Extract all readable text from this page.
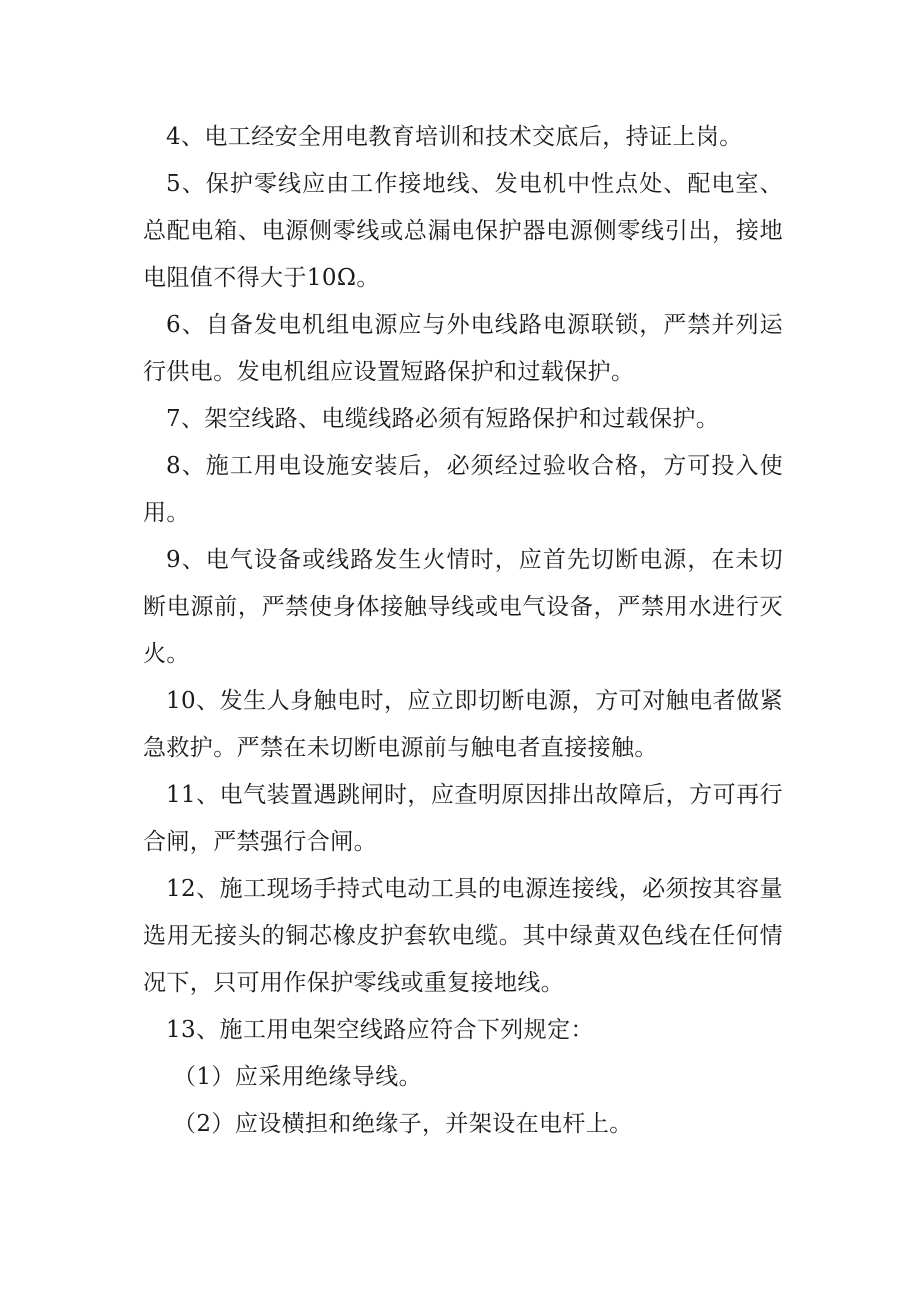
4、电工经安全用电教育培训和技术交底后，持证上岗。

5、保护零线应由工作接地线、发电机中性点处、配电室、总配电箱、电源侧零线或总漏电保护器电源侧零线引出，接地电阻值不得大于10Ω。

6、自备发电机组电源应与外电线路电源联锁，严禁并列运行供电。发电机组应设置短路保护和过载保护。

7、架空线路、电缆线路必须有短路保护和过载保护。

8、施工用电设施安装后，必须经过验收合格，方可投入使用。

9、电气设备或线路发生火情时，应首先切断电源，在未切断电源前，严禁使身体接触导线或电气设备，严禁用水进行灭火。

10、发生人身触电时，应立即切断电源，方可对触电者做紧急救护。严禁在未切断电源前与触电者直接接触。

11、电气装置遇跳闸时，应查明原因排出故障后，方可再行合闸，严禁强行合闸。

12、施工现场手持式电动工具的电源连接线，必须按其容量选用无接头的铜芯橡皮护套软电缆。其中绿黄双色线在任何情况下，只可用作保护零线或重复接地线。

13、施工用电架空线路应符合下列规定：

（1）应采用绝缘导线。

（2）应设横担和绝缘子，并架设在电杆上。
